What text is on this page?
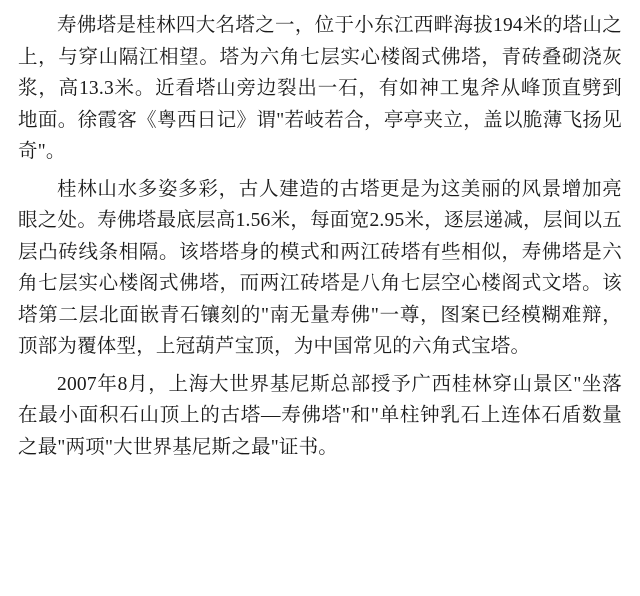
寿佛塔是桂林四大名塔之一，位于小东江西畔海拔194米的塔山之上，与穿山隔江相望。塔为六角七层实心楼阁式佛塔，青砖叠砌浇灰浆，高13.3米。近看塔山旁边裂出一石，有如神工鬼斧从峰顶直劈到地面。徐霞客《粤西日记》谓"若岐若合，亭亭夹立，盖以脆薄飞扬见奇"。

桂林山水多姿多彩，古人建造的古塔更是为这美丽的风景增加亮眼之处。寿佛塔最底层高1.56米，每面宽2.95米，逐层递减，层间以五层凸砖线条相隔。该塔塔身的模式和两江砖塔有些相似，寿佛塔是六角七层实心楼阁式佛塔，而两江砖塔是八角七层空心楼阁式文塔。该塔第二层北面嵌青石镶刻的"南无量寿佛"一尊，图案已经模糊难辩，顶部为覆体型，上冠葫芦宝顶，为中国常见的六角式宝塔。

2007年8月，上海大世界基尼斯总部授予广西桂林穿山景区"坐落在最小面积石山顶上的古塔—寿佛塔"和"单柱钟乳石上连体石盾数量之最"两项"大世界基尼斯之最"证书。
